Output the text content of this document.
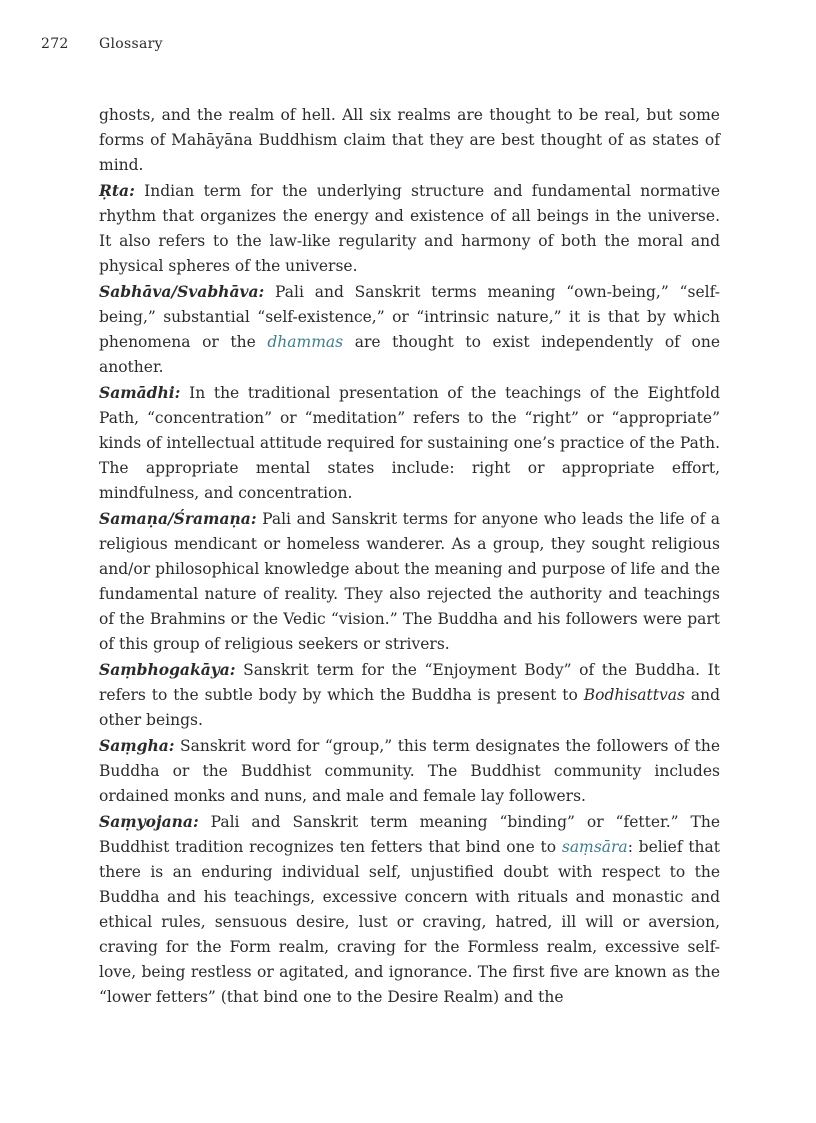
272 Glossary

ghosts, and the realm of hell. All six realms are thought to be real, but some forms of Mahāyāna Buddhism claim that they are best thought of as states of mind.

Ṛta: Indian term for the underlying structure and fundamental normative rhythm that organizes the energy and existence of all beings in the universe. It also refers to the law-like regularity and harmony of both the moral and physical spheres of the universe.

Sabhāva/Svabhāva: Pali and Sanskrit terms meaning “own-being,” “self-being,” substantial “self-existence,” or “intrinsic nature,” it is that by which phenomena or the dhammas are thought to exist independently of one another.

Samādhi: In the traditional presentation of the teachings of the Eightfold Path, “concentration” or “meditation” refers to the “right” or “appropriate” kinds of intellectual attitude required for sustaining one’s practice of the Path. The appropriate mental states include: right or appropriate effort, mindfulness, and concentration.

Samaṇa/Śramaṇa: Pali and Sanskrit terms for anyone who leads the life of a religious mendicant or homeless wanderer. As a group, they sought religious and/or philosophical knowledge about the meaning and purpose of life and the fundamental nature of reality. They also rejected the authority and teachings of the Brahmins or the Vedic “vision.” The Buddha and his followers were part of this group of religious seekers or strivers.

Saṃbhogakāya: Sanskrit term for the “Enjoyment Body” of the Buddha. It refers to the subtle body by which the Buddha is present to Bodhisattvas and other beings.

Saṃgha: Sanskrit word for “group,” this term designates the followers of the Buddha or the Buddhist community. The Buddhist community includes ordained monks and nuns, and male and female lay followers.

Saṃyojana: Pali and Sanskrit term meaning “binding” or “fetter.” The Buddhist tradition recognizes ten fetters that bind one to saṃsāra: belief that there is an enduring individual self, unjustified doubt with respect to the Buddha and his teachings, excessive concern with rituals and monastic and ethical rules, sensuous desire, lust or craving, hatred, ill will or aversion, craving for the Form realm, craving for the Formless realm, excessive self-love, being restless or agitated, and ignorance. The first five are known as the “lower fetters” (that bind one to the Desire Realm) and the
